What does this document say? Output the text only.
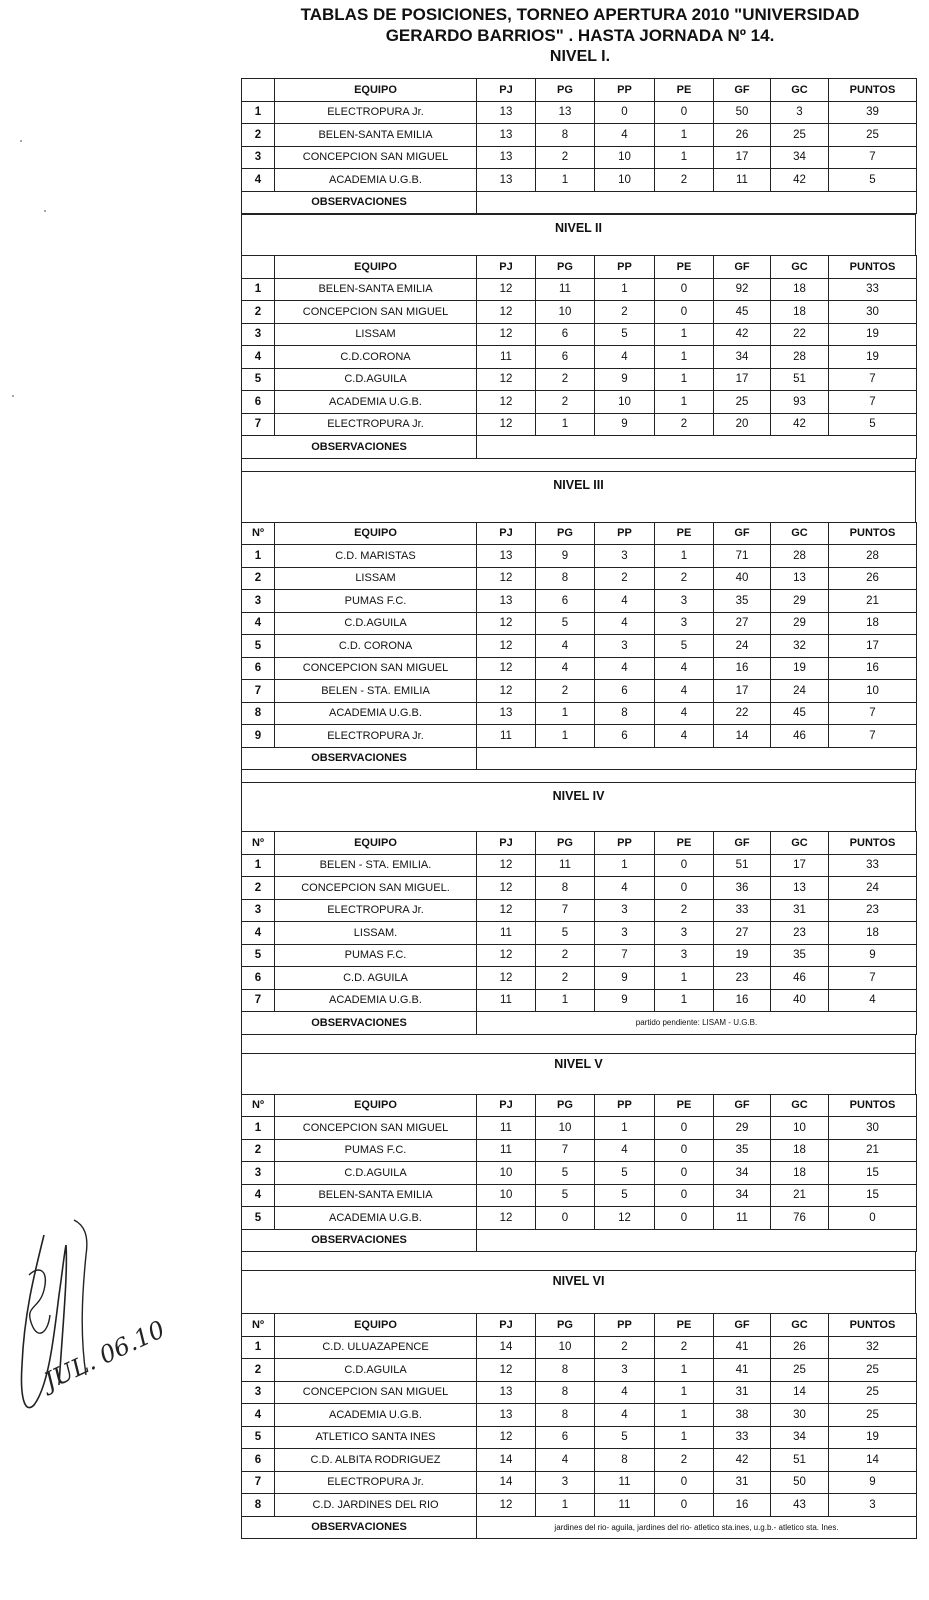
TABLAS DE POSICIONES, TORNEO APERTURA 2010 "UNIVERSIDAD
GERARDO BARRIOS" . HASTA JORNADA Nº 14.
NIVEL I.
	EQUIPO	PJ	PG	PP	PE	GF	GC	PUNTOS
1	ELECTROPURA Jr.	13	13	0	0	50	3	39
2	BELEN-SANTA EMILIA	13	8	4	1	26	25	25
3	CONCEPCION SAN MIGUEL	13	2	10	1	17	34	7
4	ACADEMIA U.G.B.	13	1	10	2	11	42	5
OBSERVACIONES								
NIVEL II
	EQUIPO	PJ	PG	PP	PE	GF	GC	PUNTOS
1	BELEN-SANTA EMILIA	12	11	1	0	92	18	33
2	CONCEPCION SAN MIGUEL	12	10	2	0	45	18	30
3	LISSAM	12	6	5	1	42	22	19
4	C.D.CORONA	11	6	4	1	34	28	19
5	C.D.AGUILA	12	2	9	1	17	51	7
6	ACADEMIA U.G.B.	12	2	10	1	25	93	7
7	ELECTROPURA Jr.	12	1	9	2	20	42	5
OBSERVACIONES								
NIVEL III
Nº	EQUIPO	PJ	PG	PP	PE	GF	GC	PUNTOS
1	C.D. MARISTAS	13	9	3	1	71	28	28
2	LISSAM	12	8	2	2	40	13	26
3	PUMAS F.C.	13	6	4	3	35	29	21
4	C.D.AGUILA	12	5	4	3	27	29	18
5	C.D. CORONA	12	4	3	5	24	32	17
6	CONCEPCION SAN MIGUEL	12	4	4	4	16	19	16
7	BELEN - STA. EMILIA	12	2	6	4	17	24	10
8	ACADEMIA U.G.B.	13	1	8	4	22	45	7
9	ELECTROPURA Jr.	11	1	6	4	14	46	7
OBSERVACIONES								
NIVEL IV
Nº	EQUIPO	PJ	PG	PP	PE	GF	GC	PUNTOS
1	BELEN - STA. EMILIA.	12	11	1	0	51	17	33
2	CONCEPCION SAN MIGUEL.	12	8	4	0	36	13	24
3	ELECTROPURA Jr.	12	7	3	2	33	31	23
4	LISSAM.	11	5	3	3	27	23	18
5	PUMAS F.C.	12	2	7	3	19	35	9
6	C.D. AGUILA	12	2	9	1	23	46	7
7	ACADEMIA U.G.B.	11	1	9	1	16	40	4
OBSERVACIONES		partido pendiente: LISAM - U.G.B.						
NIVEL V
Nº	EQUIPO	PJ	PG	PP	PE	GF	GC	PUNTOS
1	CONCEPCION SAN MIGUEL	11	10	1	0	29	10	30
2	PUMAS F.C.	11	7	4	0	35	18	21
3	C.D.AGUILA	10	5	5	0	34	18	15
4	BELEN-SANTA EMILIA	10	5	5	0	34	21	15
5	ACADEMIA U.G.B.	12	0	12	0	11	76	0
OBSERVACIONES								
NIVEL VI
Nº	EQUIPO	PJ	PG	PP	PE	GF	GC	PUNTOS
1	C.D. ULUAZAPENCE	14	10	2	2	41	26	32
2	C.D.AGUILA	12	8	3	1	41	25	25
3	CONCEPCION SAN MIGUEL	13	8	4	1	31	14	25
4	ACADEMIA U.G.B.	13	8	4	1	38	30	25
5	ATLETICO SANTA INES	12	6	5	1	33	34	19
6	C.D. ALBITA RODRIGUEZ	14	4	8	2	42	51	14
7	ELECTROPURA Jr.	14	3	11	0	31	50	9
8	C.D. JARDINES DEL RIO	12	1	11	0	16	43	3
OBSERVACIONES		jardines del rio- aguila, jardines del rio- atletico sta.ines, u.g.b.- atletico sta. Ines.						
JUL. 06.10
